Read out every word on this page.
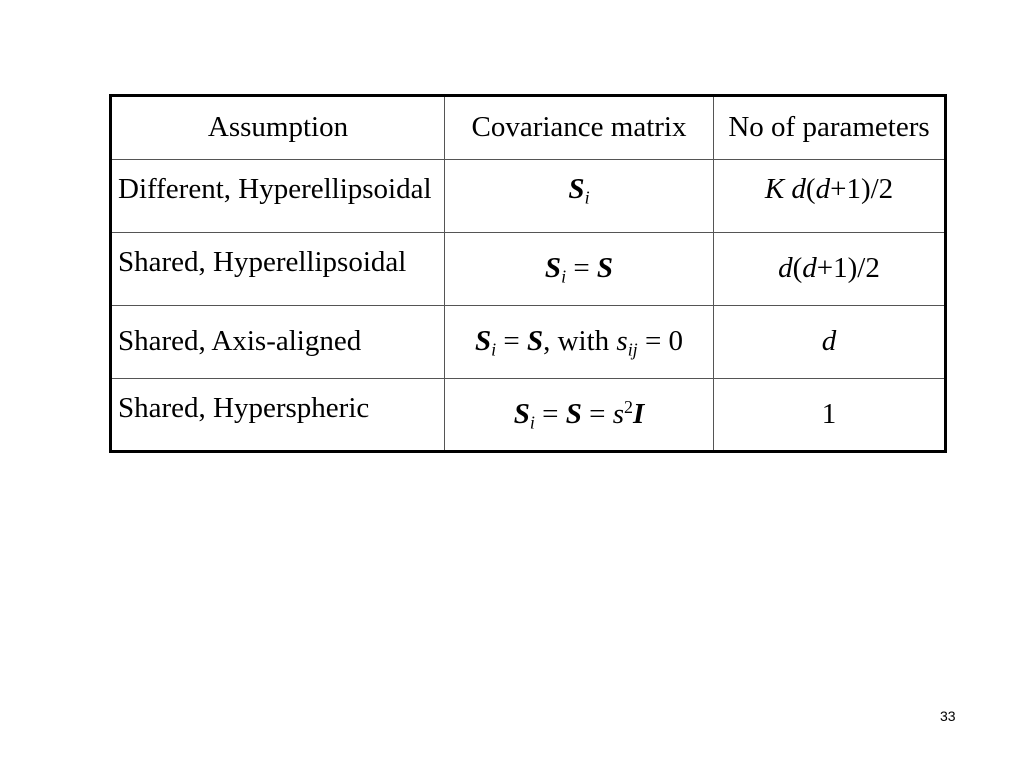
Assumption	Covariance matrix	No of parameters
Different, Hyperellipsoidal	$S_i$	K d(d+1)/2
Shared, Hyperellipsoidal	$S_i = S$	d(d+1)/2
Shared, Axis-aligned	$S_i = S$, with $s_{ij} = 0$	d
Shared, Hyperspheric	$S_i = S = s^2I$	1
33
